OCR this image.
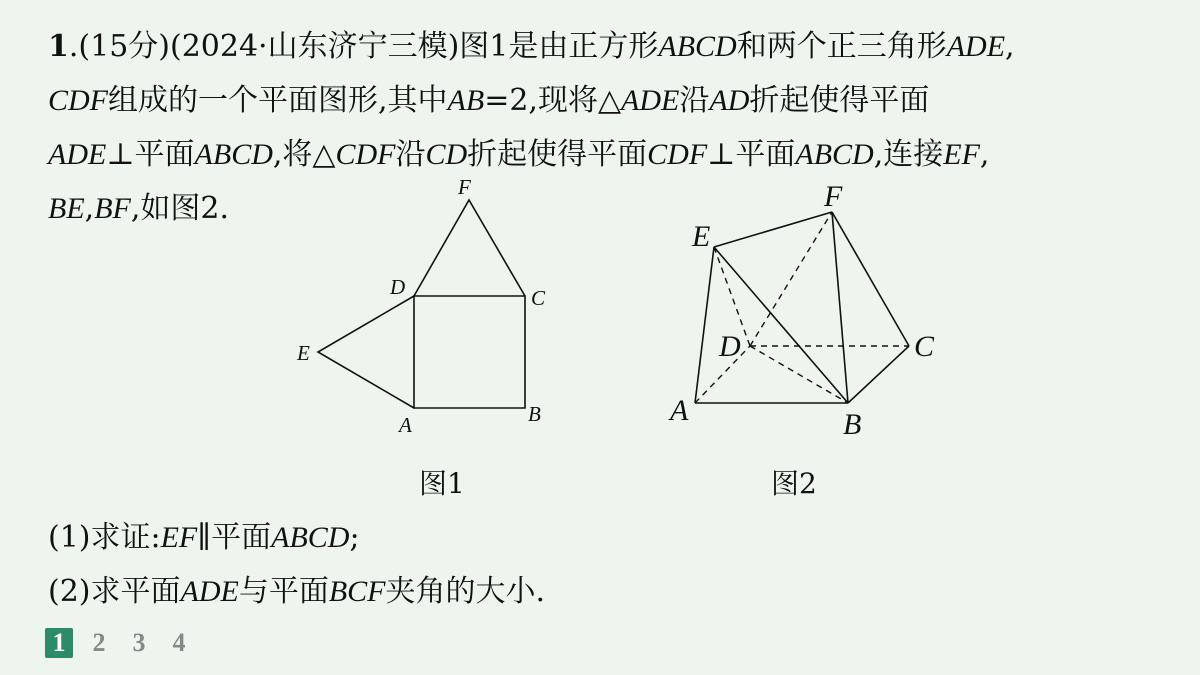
1.(15分)(2024·山东济宁三模)图1是由正方形ABCD和两个正三角形ADE,
CDF组成的一个平面图形,其中AB=2,现将△ADE沿AD折起使得平面
ADE⊥平面ABCD,将△CDF沿CD折起使得平面CDF⊥平面ABCD,连接EF,
BE,BF,如图2.
F
D	C
E
A	B
图1
F
E
D	C
A	B
图2
(1)求证:EF∥平面ABCD;
(2)求平面ADE与平面BCF夹角的大小.
1 2 3 4
